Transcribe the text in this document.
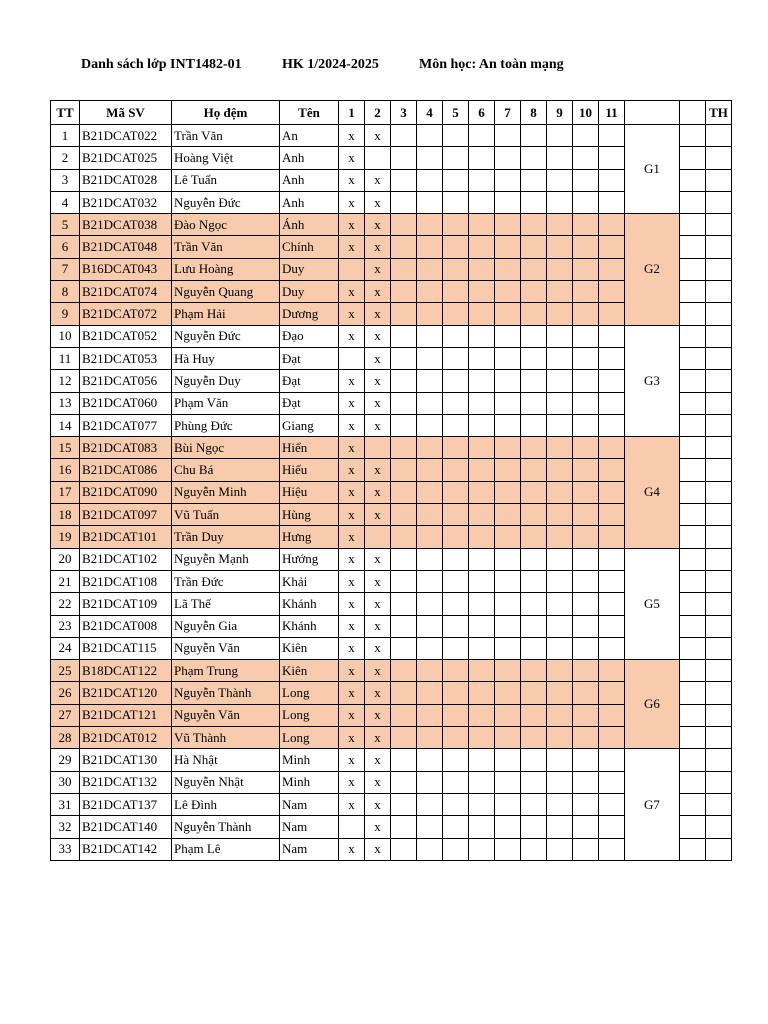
Danh sách lớp INT1482-01	HK 1/2024-2025	Môn học: An toàn mạng
TT	Mã SV	Họ đệm	Tên	1	2	3	4	5	6	7	8	9	10	11			TH
1	B21DCAT022	Trần Văn	An	x	x										G1		
2	B21DCAT025	Hoàng Việt	Anh	x													
3	B21DCAT028	Lê Tuấn	Anh	x	x												
4	B21DCAT032	Nguyễn Đức	Anh	x	x												
5	B21DCAT038	Đào Ngọc	Ánh	x	x										G2		
6	B21DCAT048	Trần Văn	Chính	x	x												
7	B16DCAT043	Lưu Hoàng	Duy		x												
8	B21DCAT074	Nguyễn Quang	Duy	x	x												
9	B21DCAT072	Phạm Hải	Dương	x	x												
10	B21DCAT052	Nguyễn Đức	Đạo	x	x										G3		
11	B21DCAT053	Hà Huy	Đạt		x												
12	B21DCAT056	Nguyễn Duy	Đạt	x	x												
13	B21DCAT060	Phạm Văn	Đạt	x	x												
14	B21DCAT077	Phùng Đức	Giang	x	x												
15	B21DCAT083	Bùi Ngọc	Hiển	x											G4		
16	B21DCAT086	Chu Bá	Hiếu	x	x												
17	B21DCAT090	Nguyễn Minh	Hiệu	x	x												
18	B21DCAT097	Vũ Tuấn	Hùng	x	x												
19	B21DCAT101	Trần Duy	Hưng	x													
20	B21DCAT102	Nguyễn Mạnh	Hướng	x	x										G5		
21	B21DCAT108	Trần Đức	Khải	x	x												
22	B21DCAT109	Lã Thế	Khánh	x	x												
23	B21DCAT008	Nguyễn Gia	Khánh	x	x												
24	B21DCAT115	Nguyễn Văn	Kiên	x	x												
25	B18DCAT122	Phạm Trung	Kiên	x	x										G6		
26	B21DCAT120	Nguyễn Thành	Long	x	x												
27	B21DCAT121	Nguyễn Văn	Long	x	x												
28	B21DCAT012	Vũ Thành	Long	x	x												
29	B21DCAT130	Hà Nhật	Minh	x	x										G7		
30	B21DCAT132	Nguyễn Nhật	Minh	x	x												
31	B21DCAT137	Lê Đình	Nam	x	x												
32	B21DCAT140	Nguyễn Thành	Nam		x												
33	B21DCAT142	Phạm Lê	Nam	x	x												
